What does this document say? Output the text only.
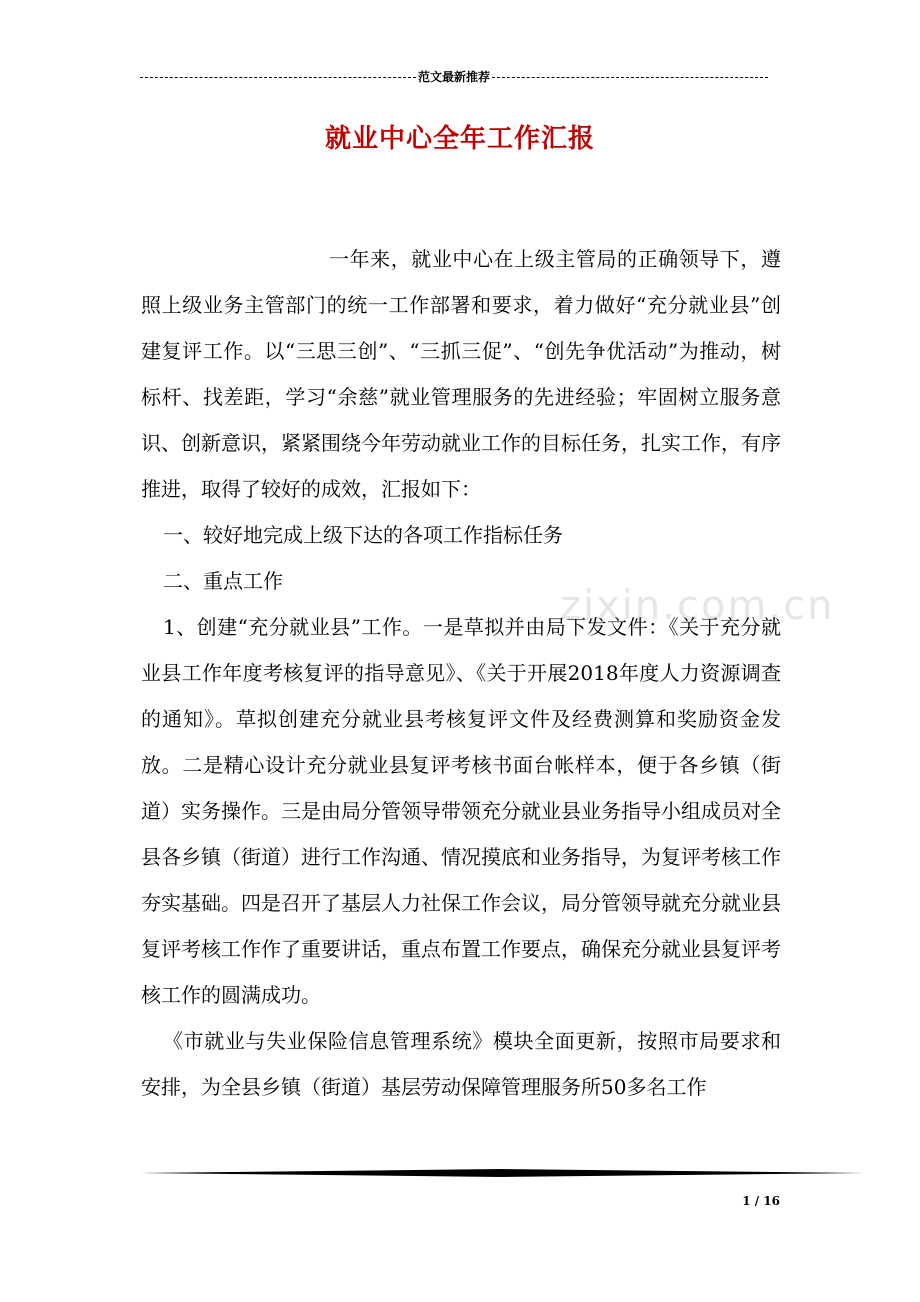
范文最新推荐
就业中心全年工作汇报
zixin.com.cn

一年来，就业中心在上级主管局的正确领导下，遵照上级业务主管部门的统一工作部署和要求，着力做好“充分就业县”创建复评工作。以“三思三创”、“三抓三促”、“创先争优活动”为推动，树标杆、找差距，学习“余慈”就业管理服务的先进经验；牢固树立服务意识、创新意识，紧紧围绕今年劳动就业工作的目标任务，扎实工作，有序推进，取得了较好的成效，汇报如下：

一、较好地完成上级下达的各项工作指标任务

二、重点工作

1、创建“充分就业县”工作。一是草拟并由局下发文件：《关于充分就业县工作年度考核复评的指导意见》、《关于开展2018年度人力资源调查的通知》。草拟创建充分就业县考核复评文件及经费测算和奖励资金发放。二是精心设计充分就业县复评考核书面台帐样本，便于各乡镇（街道）实务操作。三是由局分管领导带领充分就业县业务指导小组成员对全县各乡镇（街道）进行工作沟通、情况摸底和业务指导，为复评考核工作夯实基础。四是召开了基层人力社保工作会议，局分管领导就充分就业县复评考核工作作了重要讲话，重点布置工作要点，确保充分就业县复评考核工作的圆满成功。

《市就业与失业保险信息管理系统》模块全面更新，按照市局要求和安排，为全县乡镇（街道）基层劳动保障管理服务所50多名工作

1 / 16
